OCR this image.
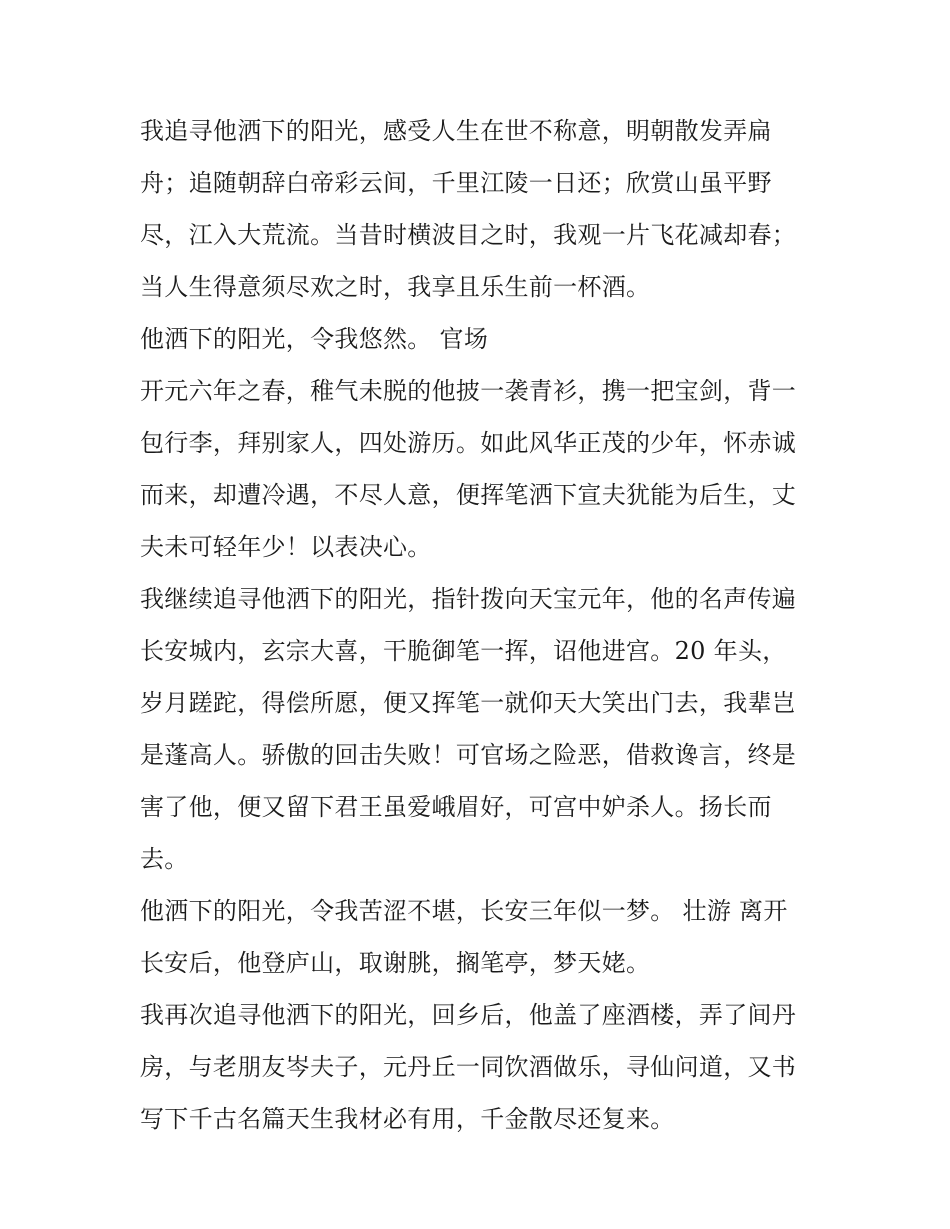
我追寻他洒下的阳光，感受人生在世不称意，明朝散发弄扁
舟；追随朝辞白帝彩云间，千里江陵一日还；欣赏山虽平野
尽，江入大荒流。当昔时横波目之时，我观一片飞花减却春；
当人生得意须尽欢之时，我享且乐生前一杯酒。
他洒下的阳光，令我悠然。 官场
开元六年之春，稚气未脱的他披一袭青衫，携一把宝剑，背一
包行李，拜别家人，四处游历。如此风华正茂的少年，怀赤诚
而来，却遭冷遇，不尽人意，便挥笔洒下宣夫犹能为后生，丈
夫未可轻年少！以表决心。
我继续追寻他洒下的阳光，指针拨向天宝元年，他的名声传遍
长安城内，玄宗大喜，干脆御笔一挥，诏他进宫。20 年头，
岁月蹉跎，得偿所愿，便又挥笔一就仰天大笑出门去，我辈岂
是蓬高人。骄傲的回击失败！可官场之险恶，借救谗言，终是
害了他，便又留下君王虽爱峨眉好，可宫中妒杀人。扬长而
去。
他洒下的阳光，令我苦涩不堪，长安三年似一梦。 壮游 离开
长安后，他登庐山，取谢朓，搁笔亭，梦天姥。
我再次追寻他洒下的阳光，回乡后，他盖了座酒楼，弄了间丹
房，与老朋友岑夫子，元丹丘一同饮酒做乐，寻仙问道，又书
写下千古名篇天生我材必有用，千金散尽还复来。
